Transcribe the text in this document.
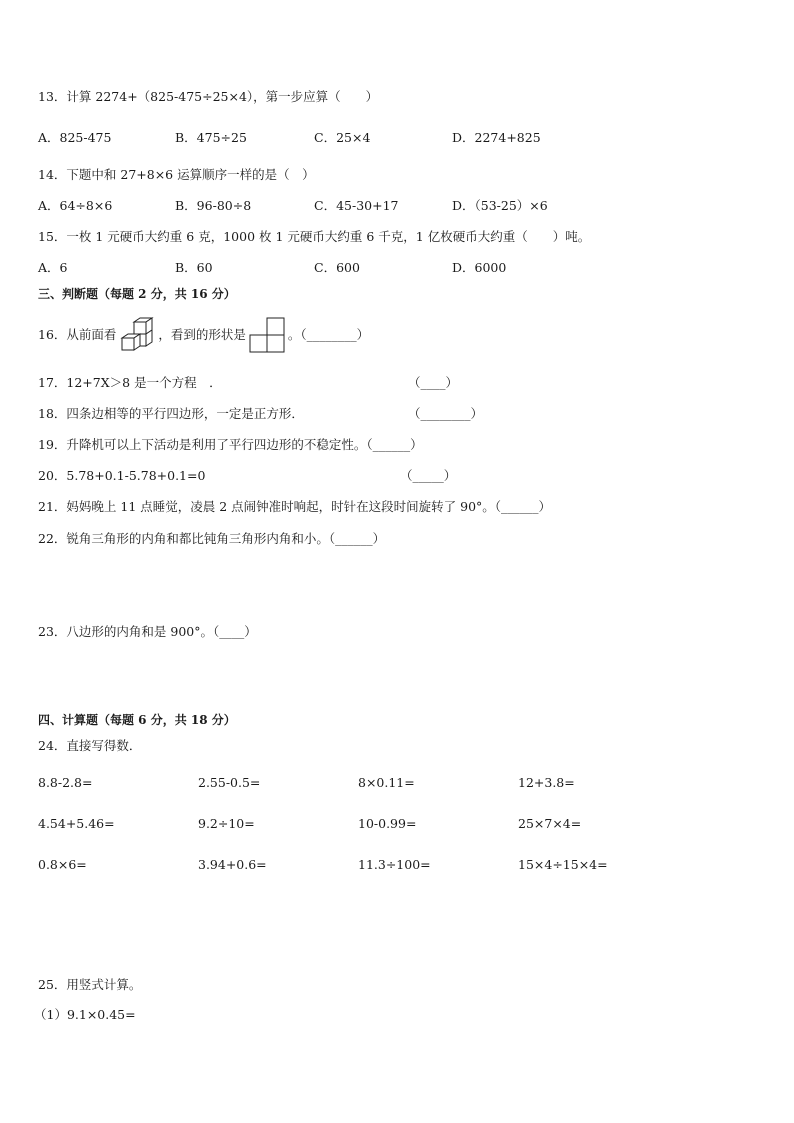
13．计算 2274+（825-475÷25×4），第一步应算（　　）
A．825-475	B．475÷25	C．25×4	D．2274+825
14．下题中和 27+8×6 运算顺序一样的是（　）
A．64÷8×6	B．96-80÷8	C．45-30+17	D．（53-25）×6
15．一枚 1 元硬币大约重 6 克，1000 枚 1 元硬币大约重 6 千克，1 亿枚硬币大约重（　　）吨。
A．6	B．60	C．600	D．6000
三、判断题（每题 2 分，共 16 分）
16．从前面看	，看到的形状是	。（________）
17．12+7X＞8 是一个方程　．	（____）
18．四条边相等的平行四边形，一定是正方形．	（________）
19．升降机可以上下活动是利用了平行四边形的不稳定性。（______）
20．5.78+0.1-5.78+0.1=0	（_____）
21．妈妈晚上 11 点睡觉，凌晨 2 点闹钟准时响起，时针在这段时间旋转了 90°。（______）
22．锐角三角形的内角和都比钝角三角形内角和小。（______）
23．八边形的内角和是 900°。（____）
四、计算题（每题 6 分，共 18 分）
24．直接写得数．
8.8-2.8=	2.55-0.5=	8×0.11=	12+3.8=
4.54+5.46=	9.2÷10=	10-0.99=	25×7×4=
0.8×6=	3.94+0.6=	11.3÷100=	15×4÷15×4=
25．用竖式计算。
（1）9.1×0.45=
